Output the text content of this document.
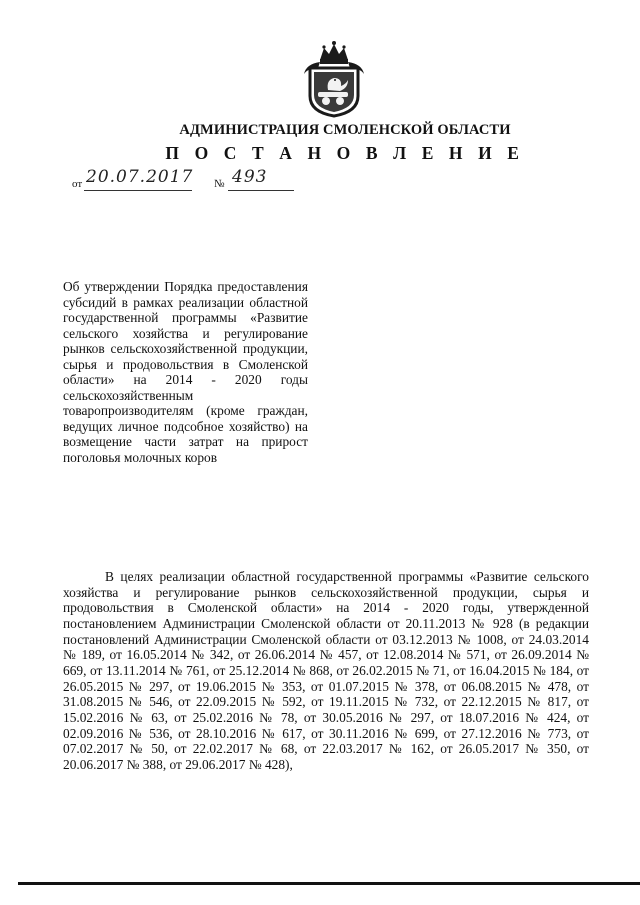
АДМИНИСТРАЦИЯ СМОЛЕНСКОЙ ОБЛАСТИ
П О С Т А Н О В Л Е Н И Е
от 20.07.2017 № 493
Об утверждении Порядка предоставления субсидий в рамках реализации областной государственной программы «Развитие сельского хозяйства и регулирование рынков сельскохозяйственной продукции, сырья и продовольствия в Смоленской области» на 2014 - 2020 годы сельскохозяйственным товаропроизводителям (кроме граждан, ведущих личное подсобное хозяйство) на возмещение части затрат на прирост поголовья молочных коров
В целях реализации областной государственной программы «Развитие сельского хозяйства и регулирование рынков сельскохозяйственной продукции, сырья и продовольствия в Смоленской области» на 2014 - 2020 годы, утвержденной постановлением Администрации Смоленской области от 20.11.2013 № 928 (в редакции постановлений Администрации Смоленской области от 03.12.2013 № 1008, от 24.03.2014 № 189, от 16.05.2014 № 342, от 26.06.2014 № 457, от 12.08.2014 № 571, от 26.09.2014 № 669, от 13.11.2014 № 761, от 25.12.2014 № 868, от 26.02.2015 № 71, от 16.04.2015 № 184, от 26.05.2015 № 297, от 19.06.2015 № 353, от 01.07.2015 № 378, от 06.08.2015 № 478, от 31.08.2015 № 546, от 22.09.2015 № 592, от 19.11.2015 № 732, от 22.12.2015 № 817, от 15.02.2016 № 63, от 25.02.2016 № 78, от 30.05.2016 № 297, от 18.07.2016 № 424, от 02.09.2016 № 536, от 28.10.2016 № 617, от 30.11.2016 № 699, от 27.12.2016 № 773, от 07.02.2017 № 50, от 22.02.2017 № 68, от 22.03.2017 № 162, от 26.05.2017 № 350, от 20.06.2017 № 388, от 29.06.2017 № 428),
